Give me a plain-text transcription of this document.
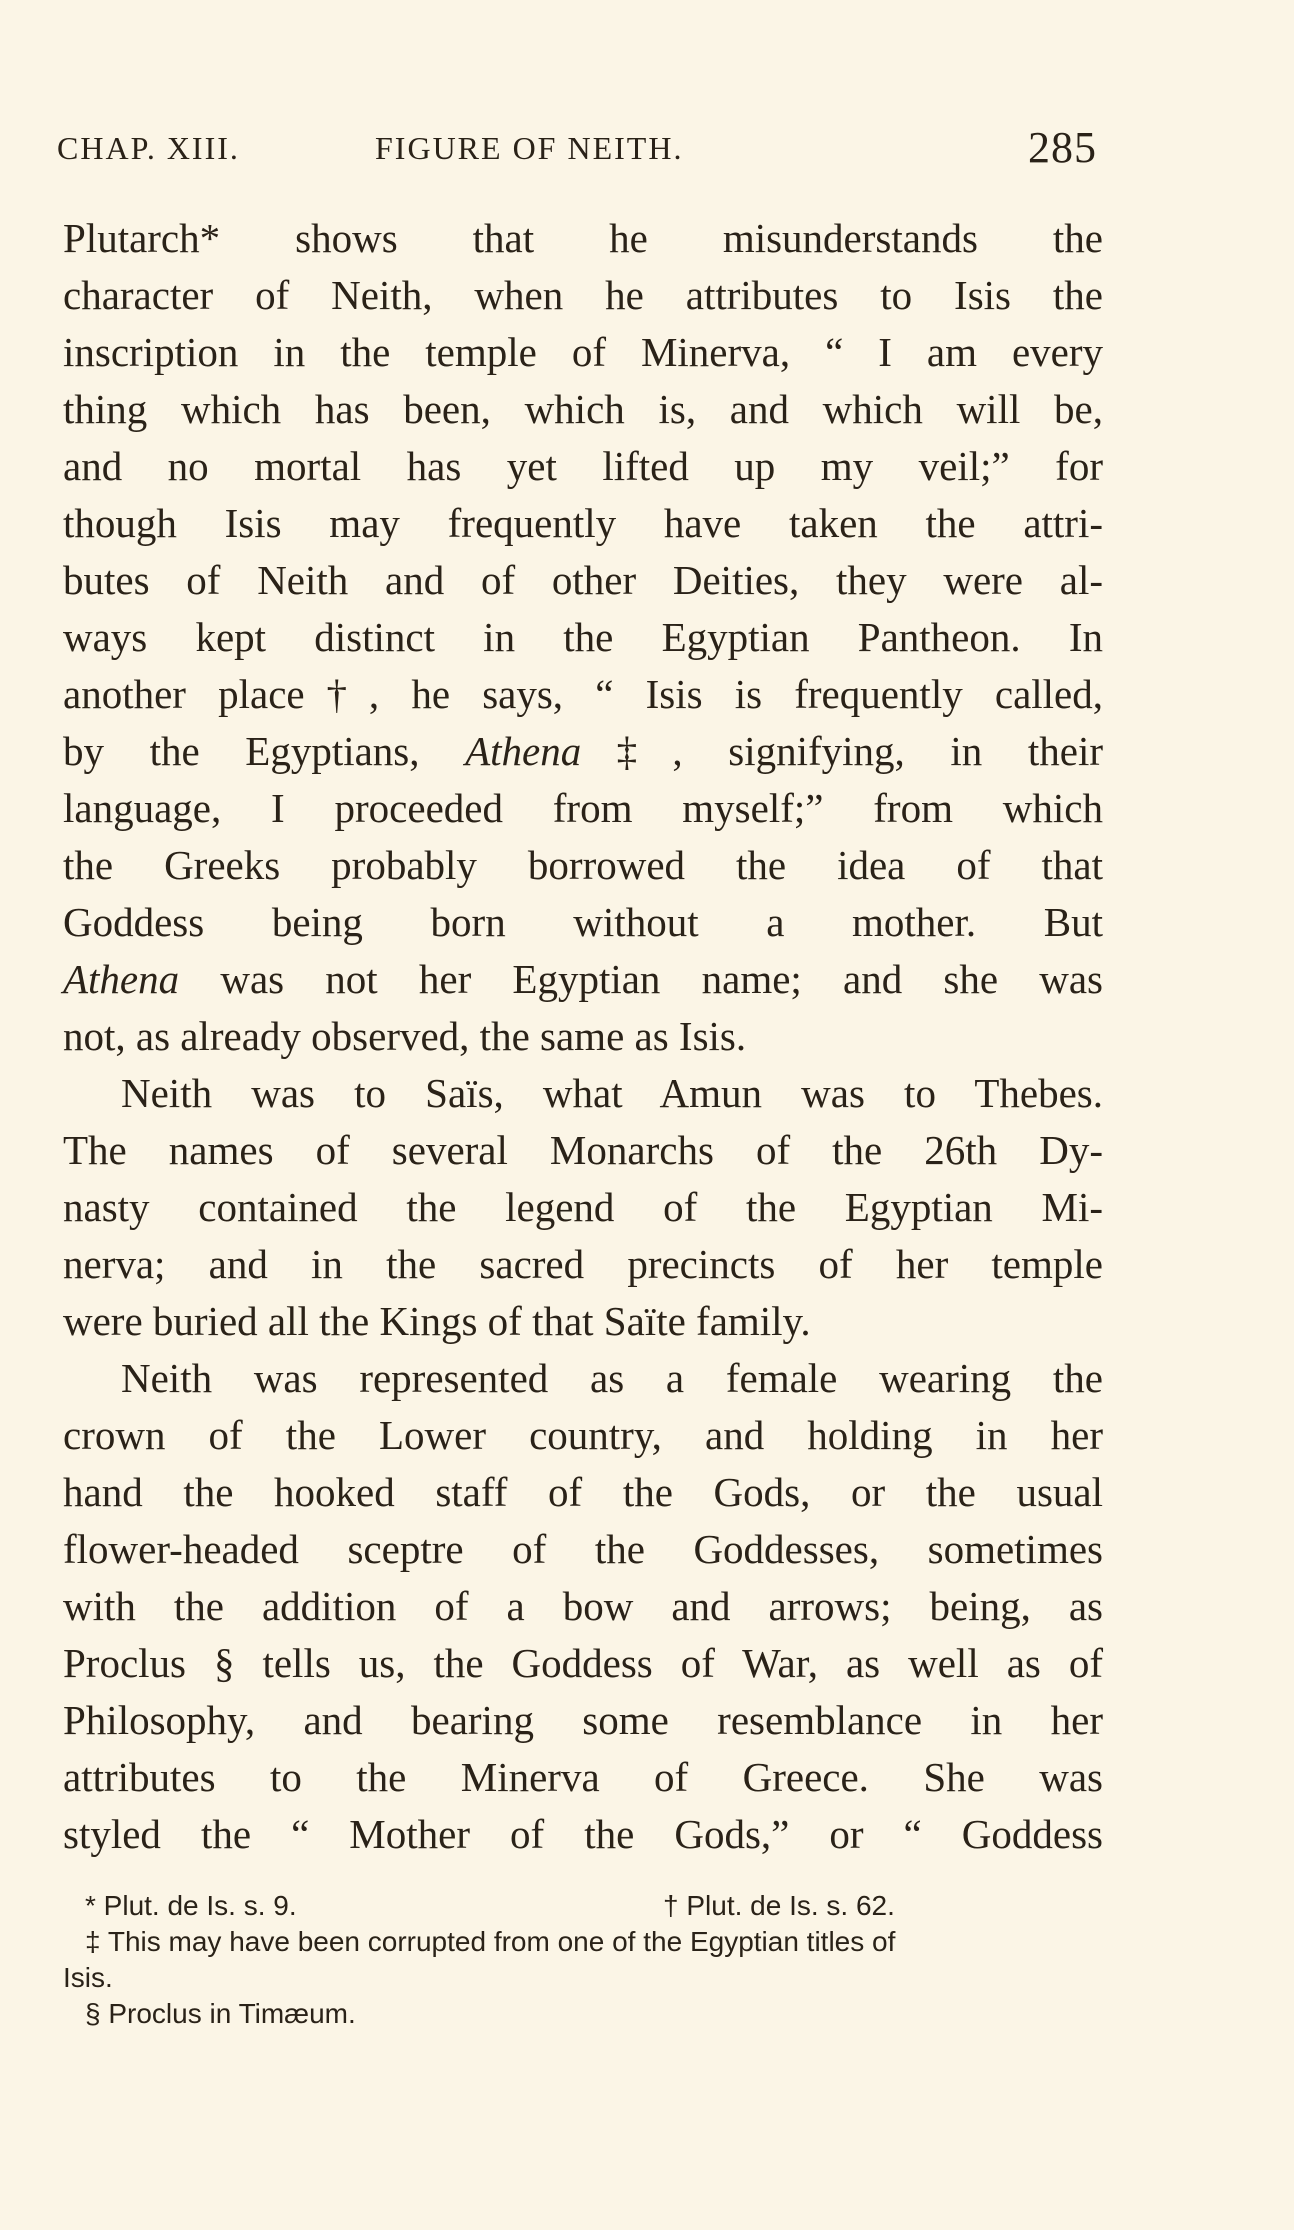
CHAP. XIII.	FIGURE OF NEITH.	285
Plutarch* shows that he misunderstands the
character of Neith, when he attributes to Isis the
inscription in the temple of Minerva, “ I am every
thing which has been, which is, and which will be,
and no mortal has yet lifted up my veil;” for
though Isis may frequently have taken the attri-
butes of Neith and of other Deities, they were al-
ways kept distinct in the Egyptian Pantheon. In
another place†, he says, “ Isis is frequently called,
by the Egyptians, Athena‡, signifying, in their
language, I proceeded from myself;” from which
the Greeks probably borrowed the idea of that
Goddess being born without a mother. But
Athena was not her Egyptian name; and she was
not, as already observed, the same as Isis.
Neith was to Saïs, what Amun was to Thebes.
The names of several Monarchs of the 26th Dy-
nasty contained the legend of the Egyptian Mi-
nerva; and in the sacred precincts of her temple
were buried all the Kings of that Saïte family.
Neith was represented as a female wearing the
crown of the Lower country, and holding in her
hand the hooked staff of the Gods, or the usual
flower-headed sceptre of the Goddesses, sometimes
with the addition of a bow and arrows; being, as
Proclus § tells us, the Goddess of War, as well as of
Philosophy, and bearing some resemblance in her
attributes to the Minerva of Greece. She was
styled the “ Mother of the Gods,” or “ Goddess
* Plut. de Is. s. 9.	† Plut. de Is. s. 62.
‡ This may have been corrupted from one of the Egyptian titles of
Isis.
§ Proclus in Timæum.
